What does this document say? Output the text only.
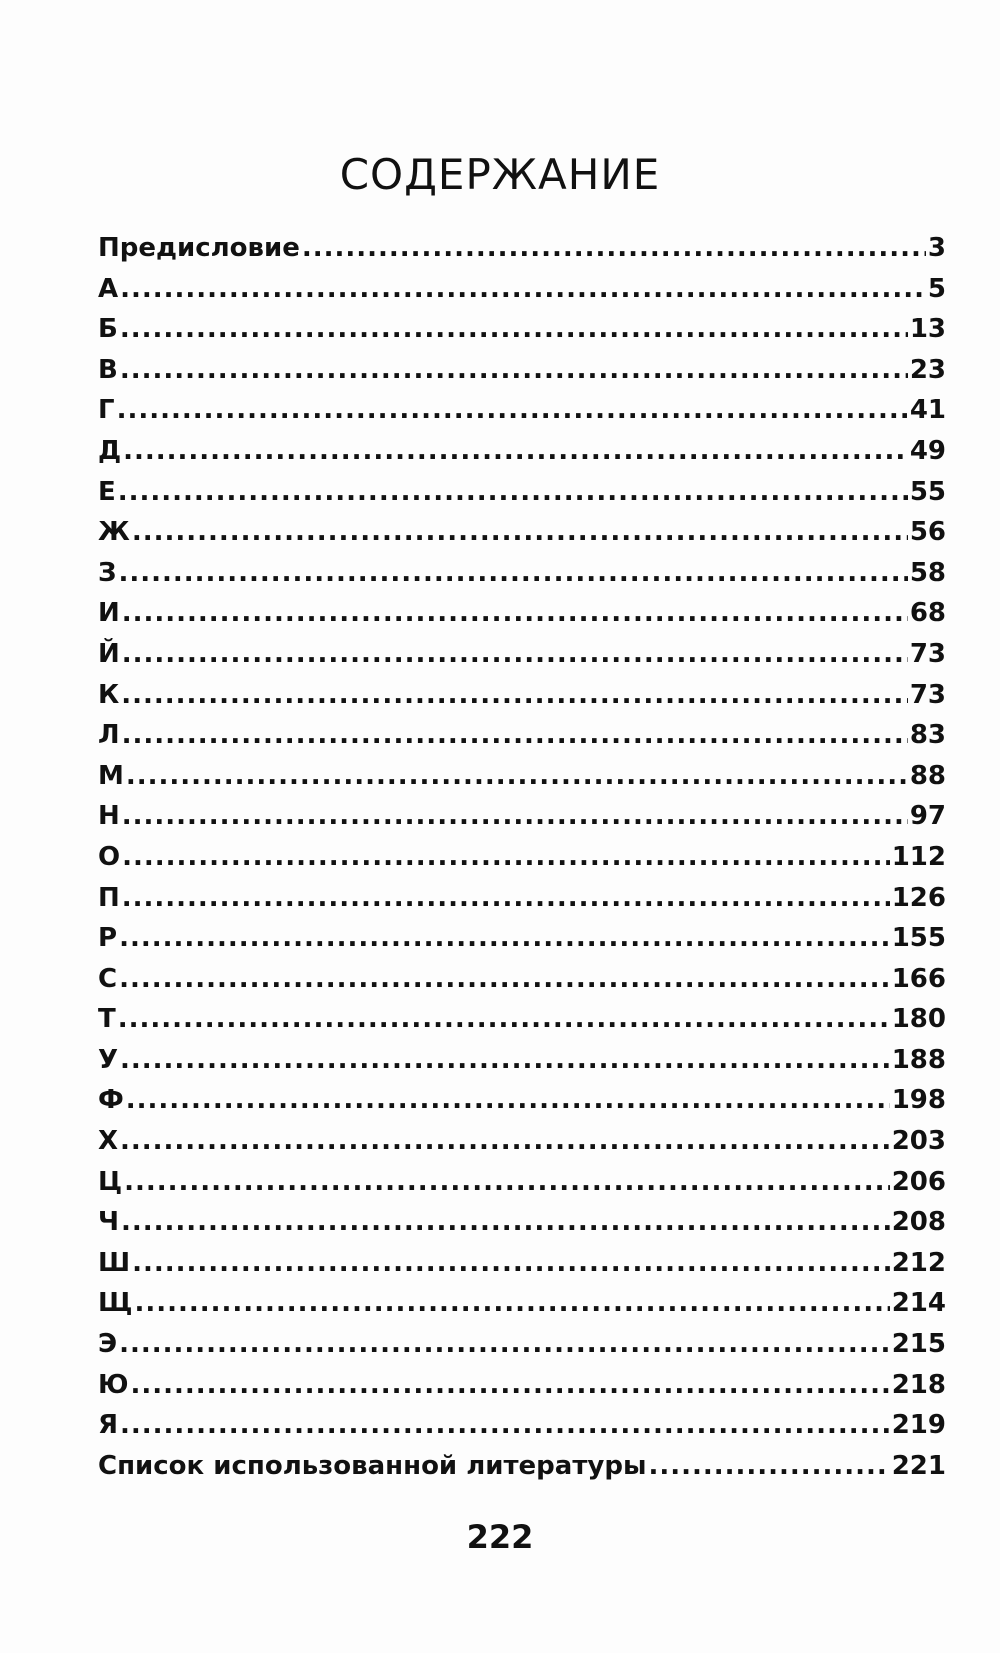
СОДЕРЖАНИЕ
Предисловие .....	3
А .....	5
Б .....	13
В .....	23
Г .....	41
Д .....	49
Е .....	55
Ж .....	56
З .....	58
И .....	68
Й .....	73
К .....	73
Л .....	83
М .....	88
Н .....	97
О .....	112
П .....	126
Р .....	155
С .....	166
Т .....	180
У .....	188
Ф .....	198
Х .....	203
Ц .....	206
Ч .....	208
Ш .....	212
Щ .....	214
Э .....	215
Ю .....	218
Я .....	219
Список использованной литературы .....	221
222
